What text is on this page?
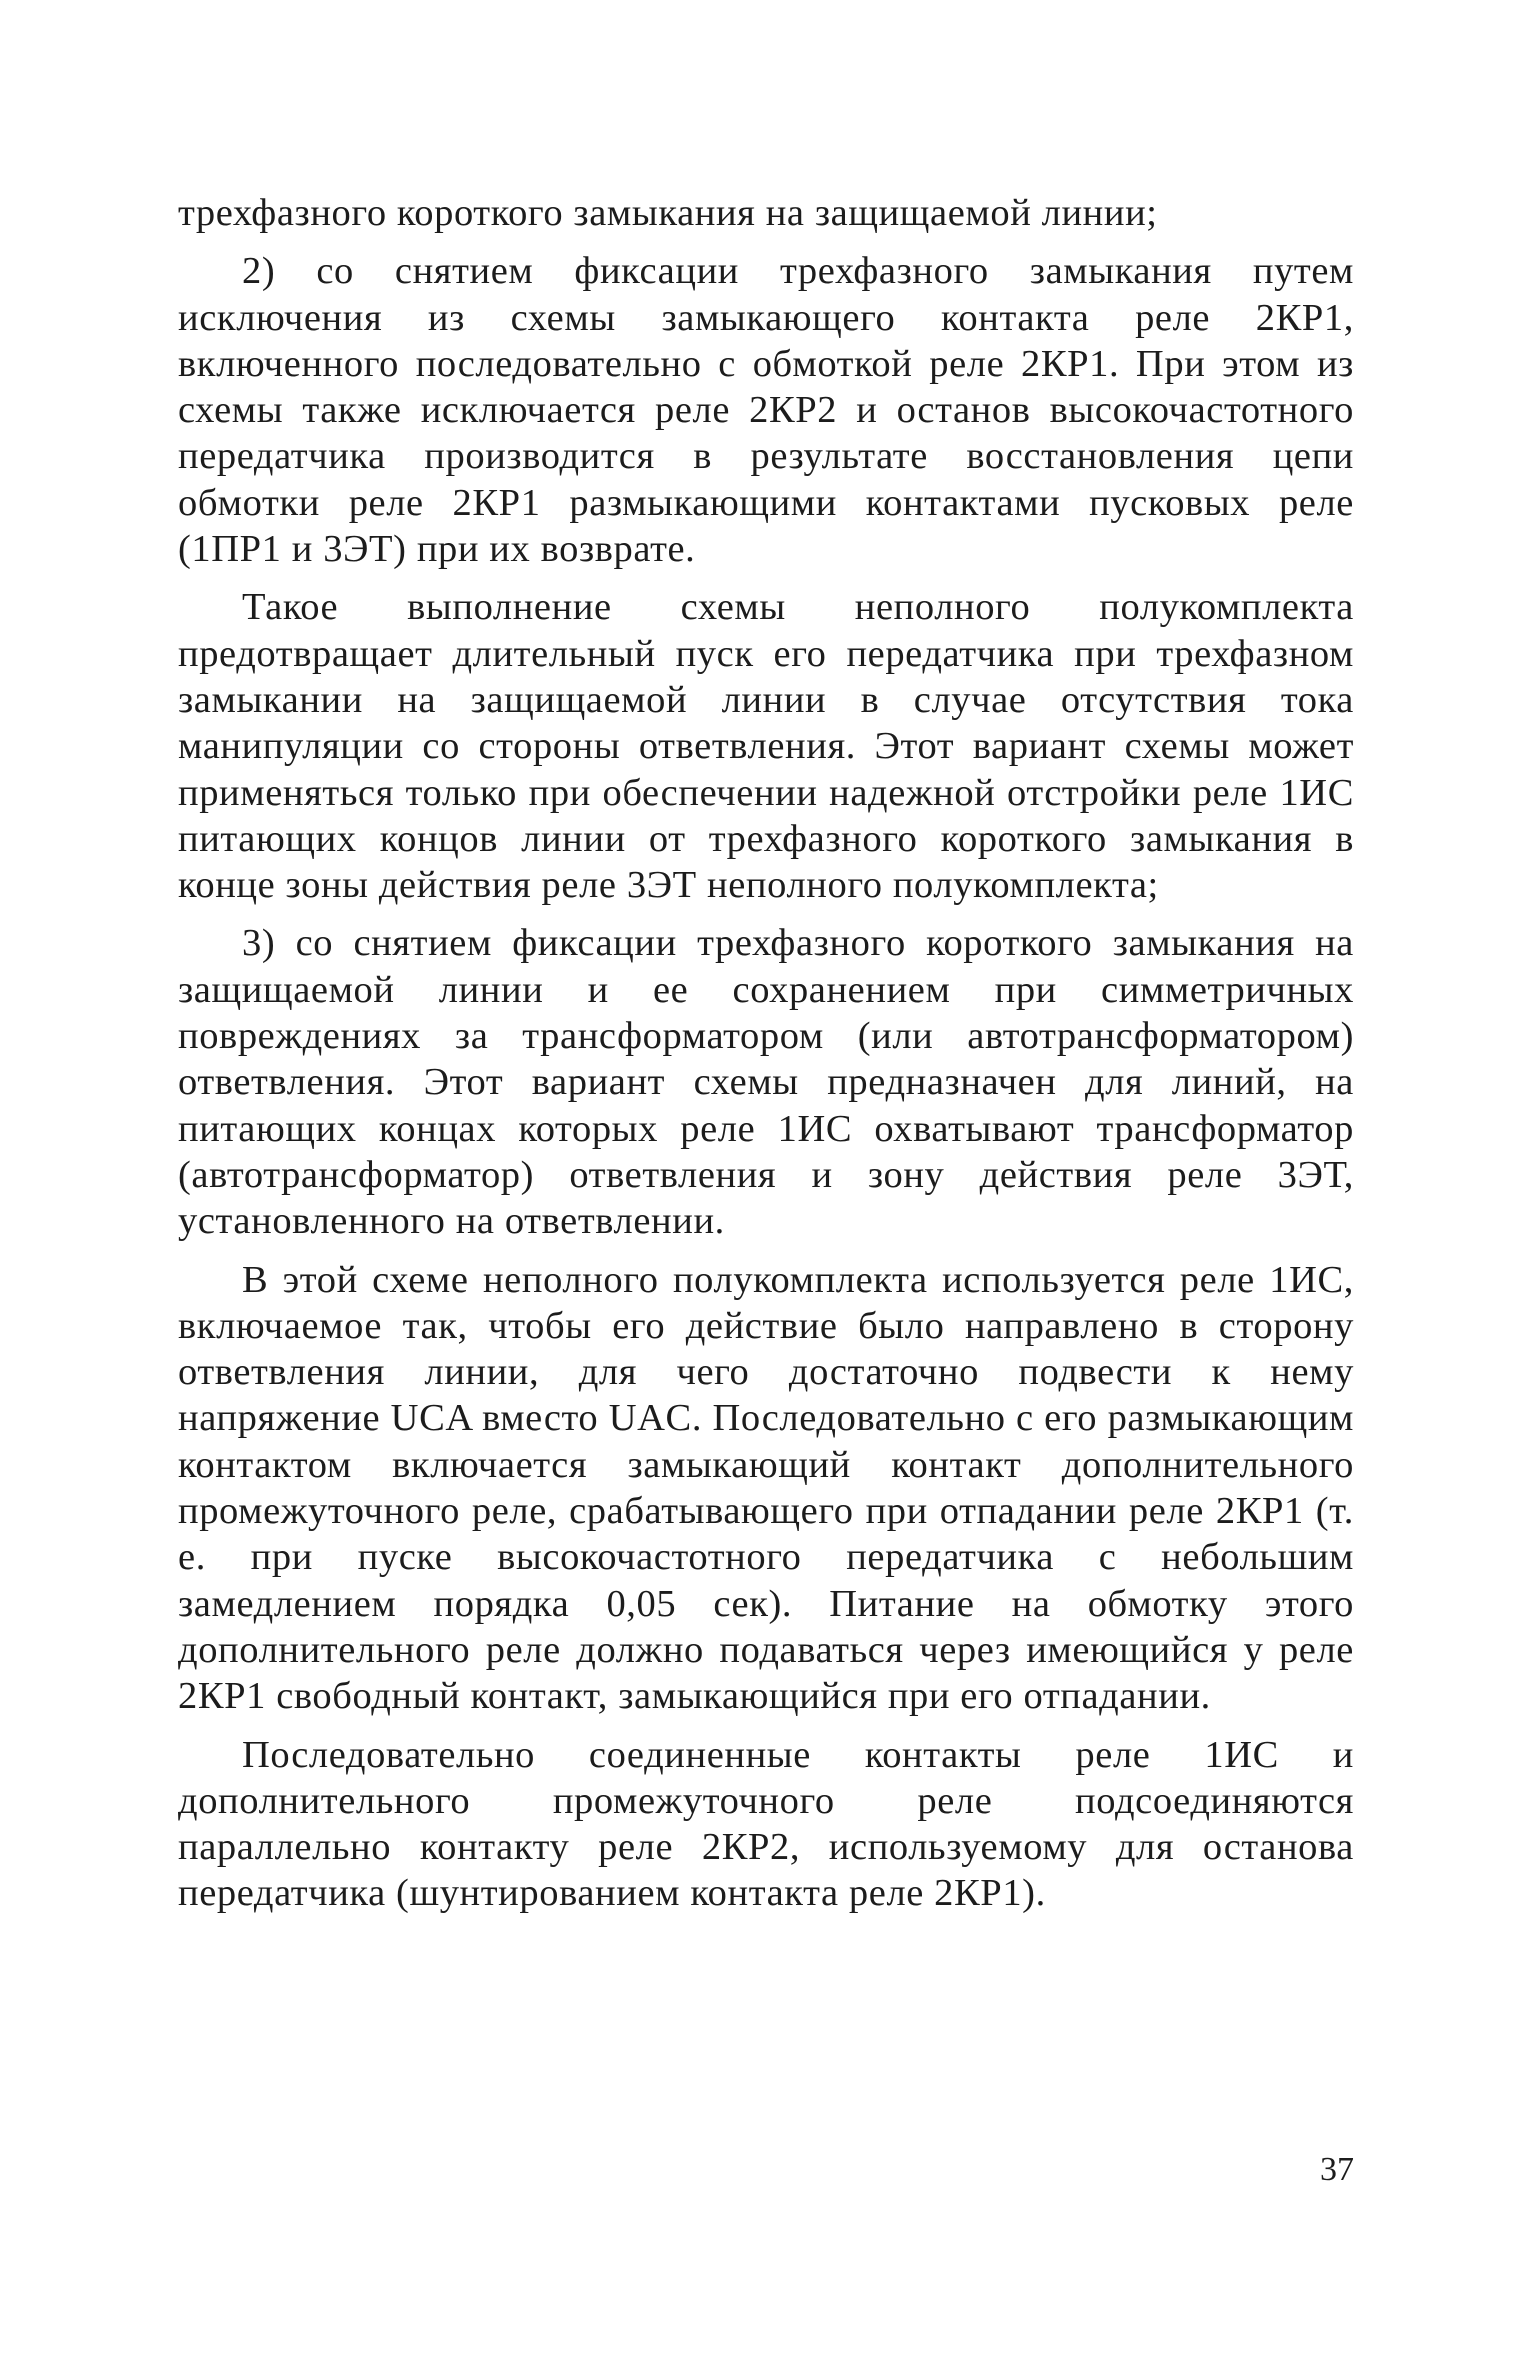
трехфазного короткого замыкания на защищаемой линии;

2) со снятием фиксации трехфазного замыкания путем исключения из схемы замыкающего контакта реле 2КР1, включенного последовательно с обмоткой реле 2КР1. При этом из схемы также исключается реле 2КР2 и останов высокочастотного передатчика производится в результате восстановления цепи обмотки реле 2КР1 размыкающими контактами пусковых реле (1ПР1 и 3ЭТ) при их возврате.

Такое выполнение схемы неполного полукомплекта предотвращает длительный пуск его передатчика при трехфазном замыкании на защищаемой линии в случае отсутствия тока манипуляции со стороны ответвления. Этот вариант схемы может применяться только при обеспечении надежной отстройки реле 1ИС питающих концов линии от трехфазного короткого замыкания в конце зоны действия реле 3ЭТ неполного полукомплекта;

3) со снятием фиксации трехфазного короткого замыкания на защищаемой линии и ее сохранением при симметричных повреждениях за трансформатором (или автотрансформатором) ответвления. Этот вариант схемы предназначен для линий, на питающих концах которых реле 1ИС охватывают трансформатор (автотрансформатор) ответвления и зону действия реле 3ЭТ, установленного на ответвлении.

В этой схеме неполного полукомплекта используется реле 1ИС, включаемое так, чтобы его действие было направлено в сторону ответвления линии, для чего достаточно подвести к нему напряжение UCA вместо UAC. Последовательно с его размыкающим контактом включается замыкающий контакт дополнительного промежуточного реле, срабатывающего при отпадании реле 2КР1 (т. е. при пуске высокочастотного передатчика с небольшим замедлением порядка 0,05 сек). Питание на обмотку этого дополнительного реле должно подаваться через имеющийся у реле 2КР1 свободный контакт, замыкающийся при его отпадании.

Последовательно соединенные контакты реле 1ИС и дополнительного промежуточного реле подсоединяются параллельно контакту реле 2КР2, используемому для останова передатчика (шунтированием контакта реле 2КР1).

37
